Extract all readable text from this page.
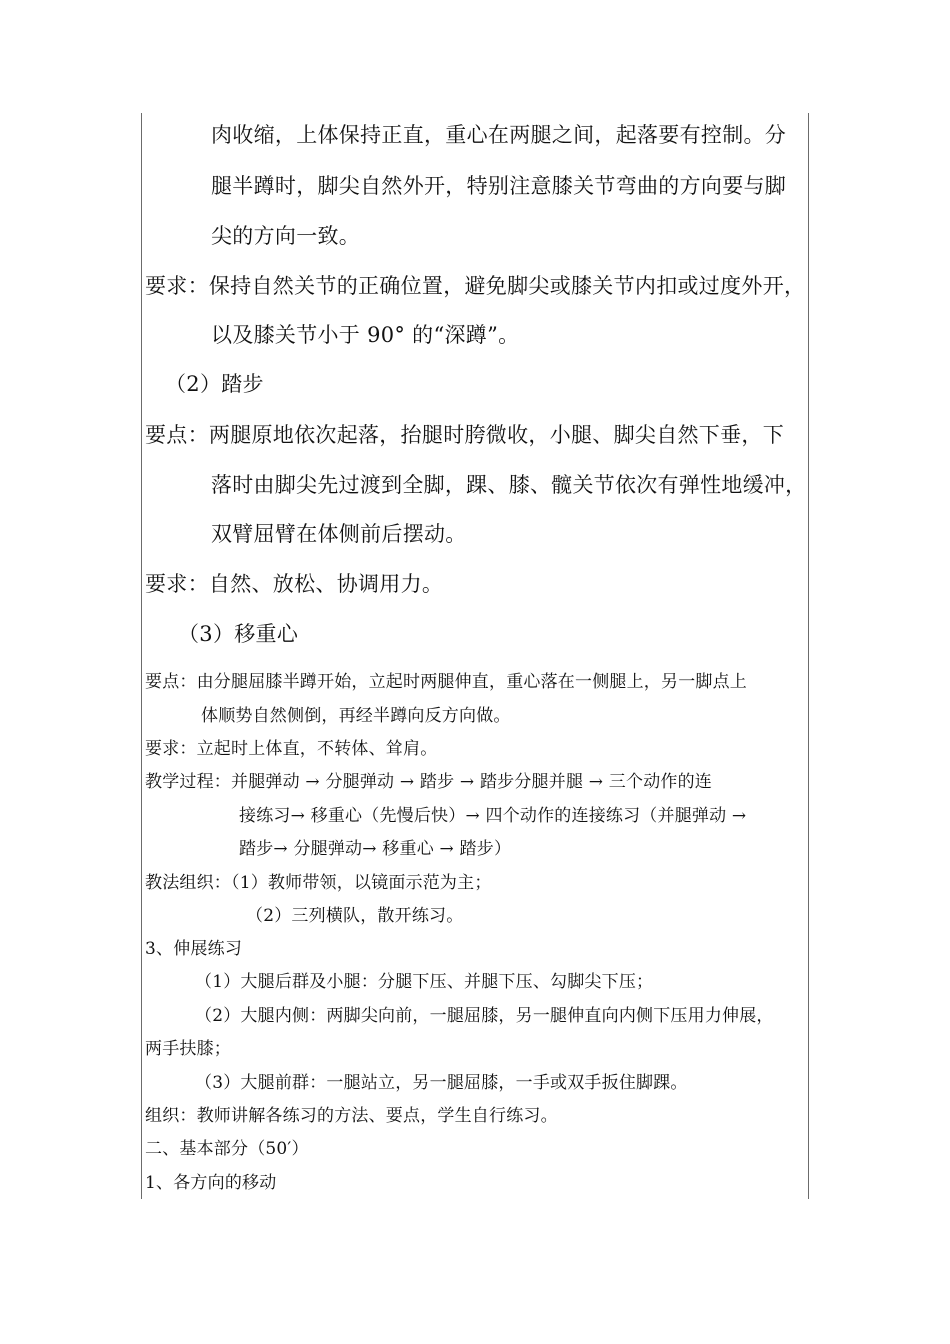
肉收缩，上体保持正直，重心在两腿之间，起落要有控制。分
腿半蹲时，脚尖自然外开，特别注意膝关节弯曲的方向要与脚
尖的方向一致。
要求：保持自然关节的正确位置，避免脚尖或膝关节内扣或过度外开，
以及膝关节小于 90° 的“深蹲”。
（2）踏步
要点：两腿原地依次起落，抬腿时胯微收，小腿、脚尖自然下垂，下
落时由脚尖先过渡到全脚，踝、膝、髋关节依次有弹性地缓冲，
双臂屈臂在体侧前后摆动。
要求：自然、放松、协调用力。
（3）移重心
要点：由分腿屈膝半蹲开始，立起时两腿伸直，重心落在一侧腿上，另一脚点上
体顺势自然侧倒，再经半蹲向反方向做。
要求：立起时上体直，不转体、耸肩。
教学过程：并腿弹动 → 分腿弹动 → 踏步 → 踏步分腿并腿 → 三个动作的连
接练习→ 移重心（先慢后快）→ 四个动作的连接练习（并腿弹动 →
踏步→ 分腿弹动→ 移重心 → 踏步）
教法组织：（1）教师带领，以镜面示范为主；
（2）三列横队，散开练习。
3、伸展练习
（1）大腿后群及小腿：分腿下压、并腿下压、勾脚尖下压；
（2）大腿内侧：两脚尖向前，一腿屈膝，另一腿伸直向内侧下压用力伸展，
两手扶膝；
（3）大腿前群：一腿站立，另一腿屈膝，一手或双手扳住脚踝。
组织：教师讲解各练习的方法、要点，学生自行练习。
二、基本部分（50′）
1、各方向的移动
